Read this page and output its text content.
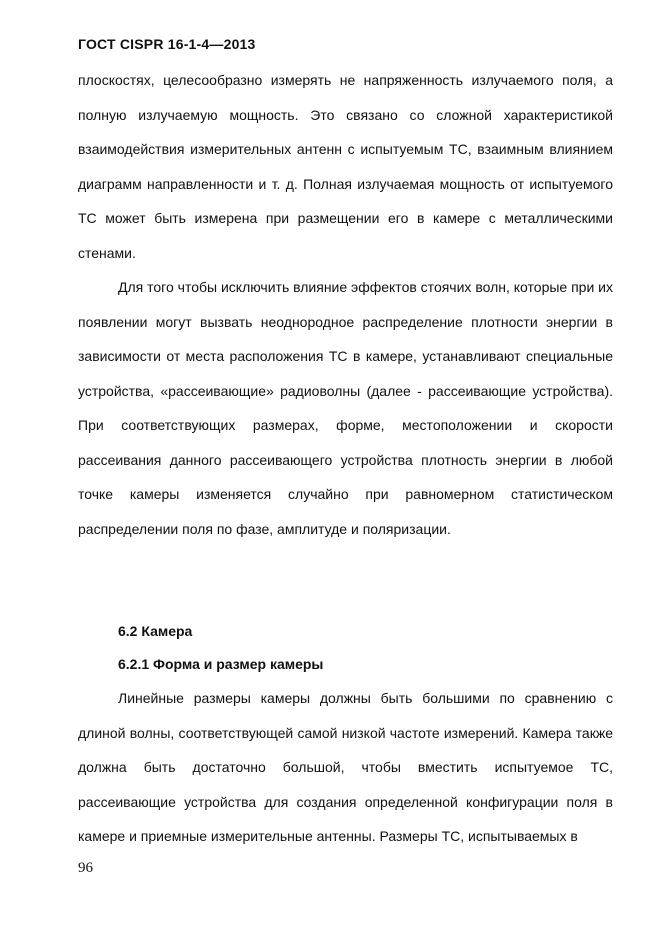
ГОСТ CISPR 16-1-4—2013

плоскостях, целесообразно измерять не напряженность излучаемого поля, а полную излучаемую мощность. Это связано со сложной характеристикой взаимодействия измерительных антенн с испытуемым ТС, взаимным влиянием диаграмм направленности и т. д. Полная излучаемая мощность от испытуемого ТС может быть измерена при размещении его в камере с металлическими стенами.

Для того чтобы исключить влияние эффектов стоячих волн, которые при их появлении могут вызвать неоднородное распределение плотности энергии в зависимости от места расположения ТС в камере, устанавливают специальные устройства, «рассеивающие» радиоволны (далее - рассеивающие устройства). При соответствующих размерах, форме, местоположении и скорости рассеивания данного рассеивающего устройства плотность энергии в любой точке камеры изменяется случайно при равномерном статистическом распределении поля по фазе, амплитуде и поляризации.

6.2 Камера
6.2.1 Форма и размер камеры

Линейные размеры камеры должны быть большими по сравнению с длиной волны, соответствующей самой низкой частоте измерений. Камера также должна быть достаточно большой, чтобы вместить испытуемое ТС, рассеивающие устройства для создания определенной конфигурации поля в камере и приемные измерительные антенны. Размеры ТС, испытываемых в

96
